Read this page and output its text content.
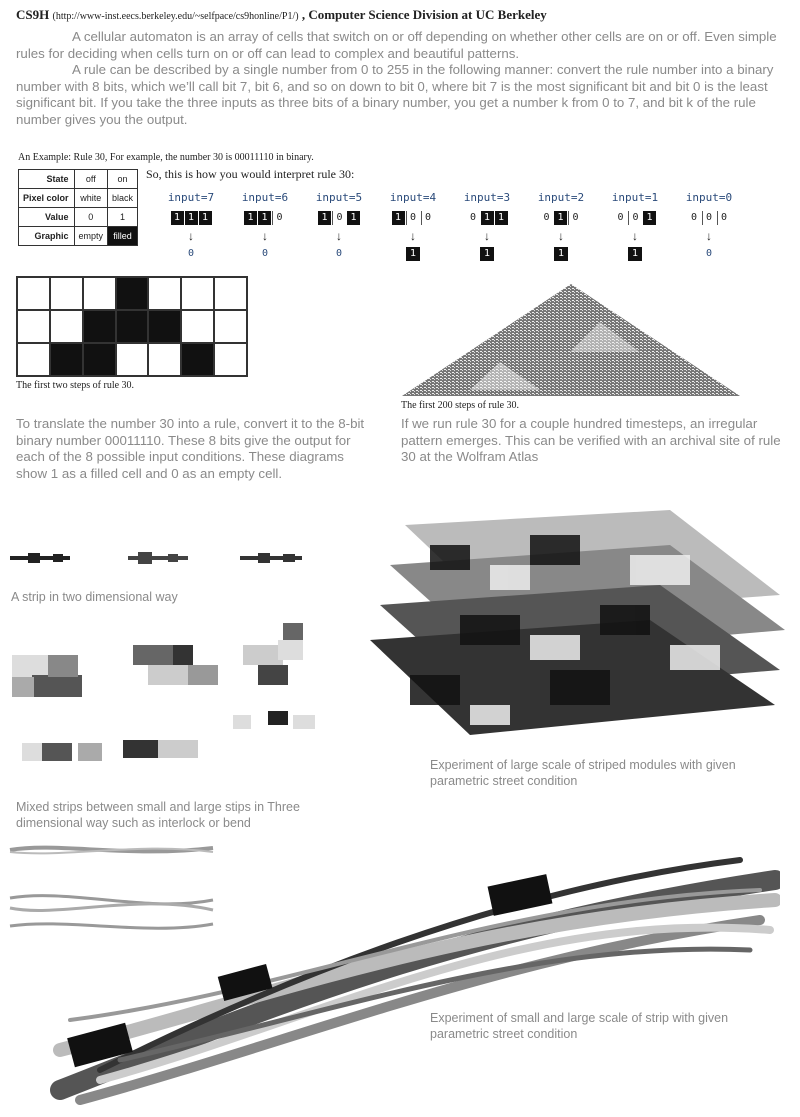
CS9H (http://www-inst.eecs.berkeley.edu/~selfpace/cs9honline/P1/) , Computer Science Division at UC Berkeley
A cellular automaton is an array of cells that switch on or off depending on whether other cells are on or off. Even simple rules for deciding when cells turn on or off can lead to complex and beautiful patterns.
A rule can be described by a single number from 0 to 255 in the following manner: convert the rule number into a binary number with 8 bits, which we’ll call bit 7, bit 6, and so on down to bit 0, where bit 7 is the most significant bit and bit 0 is the least significant bit. If you take the three inputs as three bits of a binary number, you get a number k from 0 to 7, and bit k of the rule number gives you the output.
An Example: Rule 30, For example, the number 30 is 00011110 in binary.
State	off	on
Pixel color	white	black
Value	0	1
Graphic	empty	filled
So, this is how you would interpret rule 30:
input=7
1 1 1
↓
0
input=6
1 1 0
↓
0
input=5
1 0 1
↓
0
input=4
1 0 0
↓
1
input=3
0 1 1
↓
1
input=2
0 1 0
↓
1
input=1
0 0 1
↓
1
input=0
0 0 0
↓
0
The first two steps of rule 30.
The first 200 steps of rule 30.
To translate the number 30 into a rule, convert it to the 8-bit binary number 00011110. These 8 bits give the output for each of the 8 possible input conditions. These diagrams show 1 as a filled cell and 0 as an empty cell.
If we run rule 30 for a couple hundred timesteps, an irregular pattern emerges. This can be verified with an archival site of rule 30 at the Wolfram Atlas
A strip in two dimensional way
Mixed strips between small and large stips in Three dimensional way such as interlock or bend
Experiment of large scale of striped modules with given parametric street condition
Experiment of small and large scale of strip with given parametric street condition
